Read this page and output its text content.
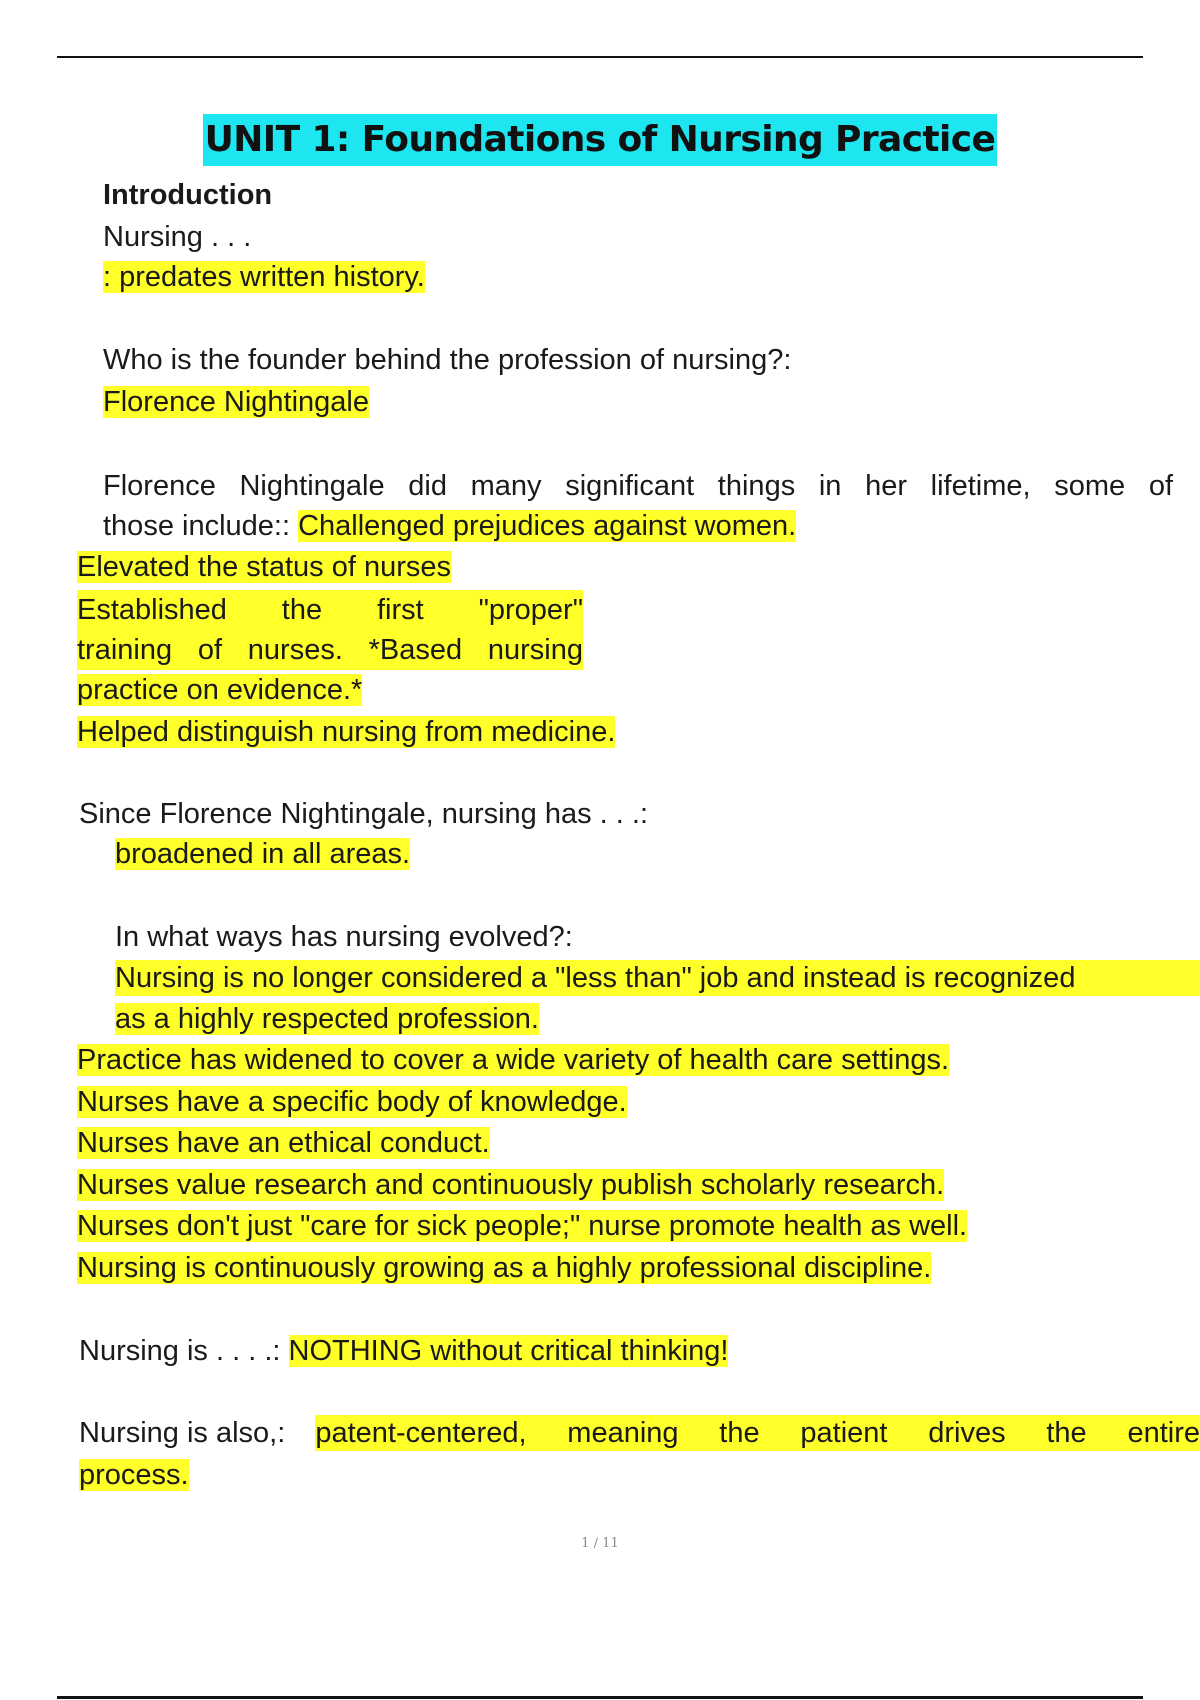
UNIT 1: Foundations of Nursing Practice
Introduction
Nursing . . .
: predates written history.
Who is the founder behind the profession of nursing?:
Florence Nightingale
Florence Nightingale did many significant things in her lifetime, some of
those include:: Challenged prejudices against women.
Elevated the status of nurses
Established the first "proper"
training of nurses. *Based nursing
practice on evidence.*
Helped distinguish nursing from medicine.
Since Florence Nightingale, nursing has . . .:
broadened in all areas.
In what ways has nursing evolved?:
Nursing is no longer considered a "less than" job and instead is recognized
as a highly respected profession.
Practice has widened to cover a wide variety of health care settings.
Nurses have a specific body of knowledge.
Nurses have an ethical conduct.
Nurses value research and continuously publish scholarly research.
Nurses don't just "care for sick people;" nurse promote health as well.
Nursing is continuously growing as a highly professional discipline.
Nursing is . . . .: NOTHING without critical thinking!
Nursing is also,: patent-centered, meaning the patient drives the entire
process.
1 / 11
